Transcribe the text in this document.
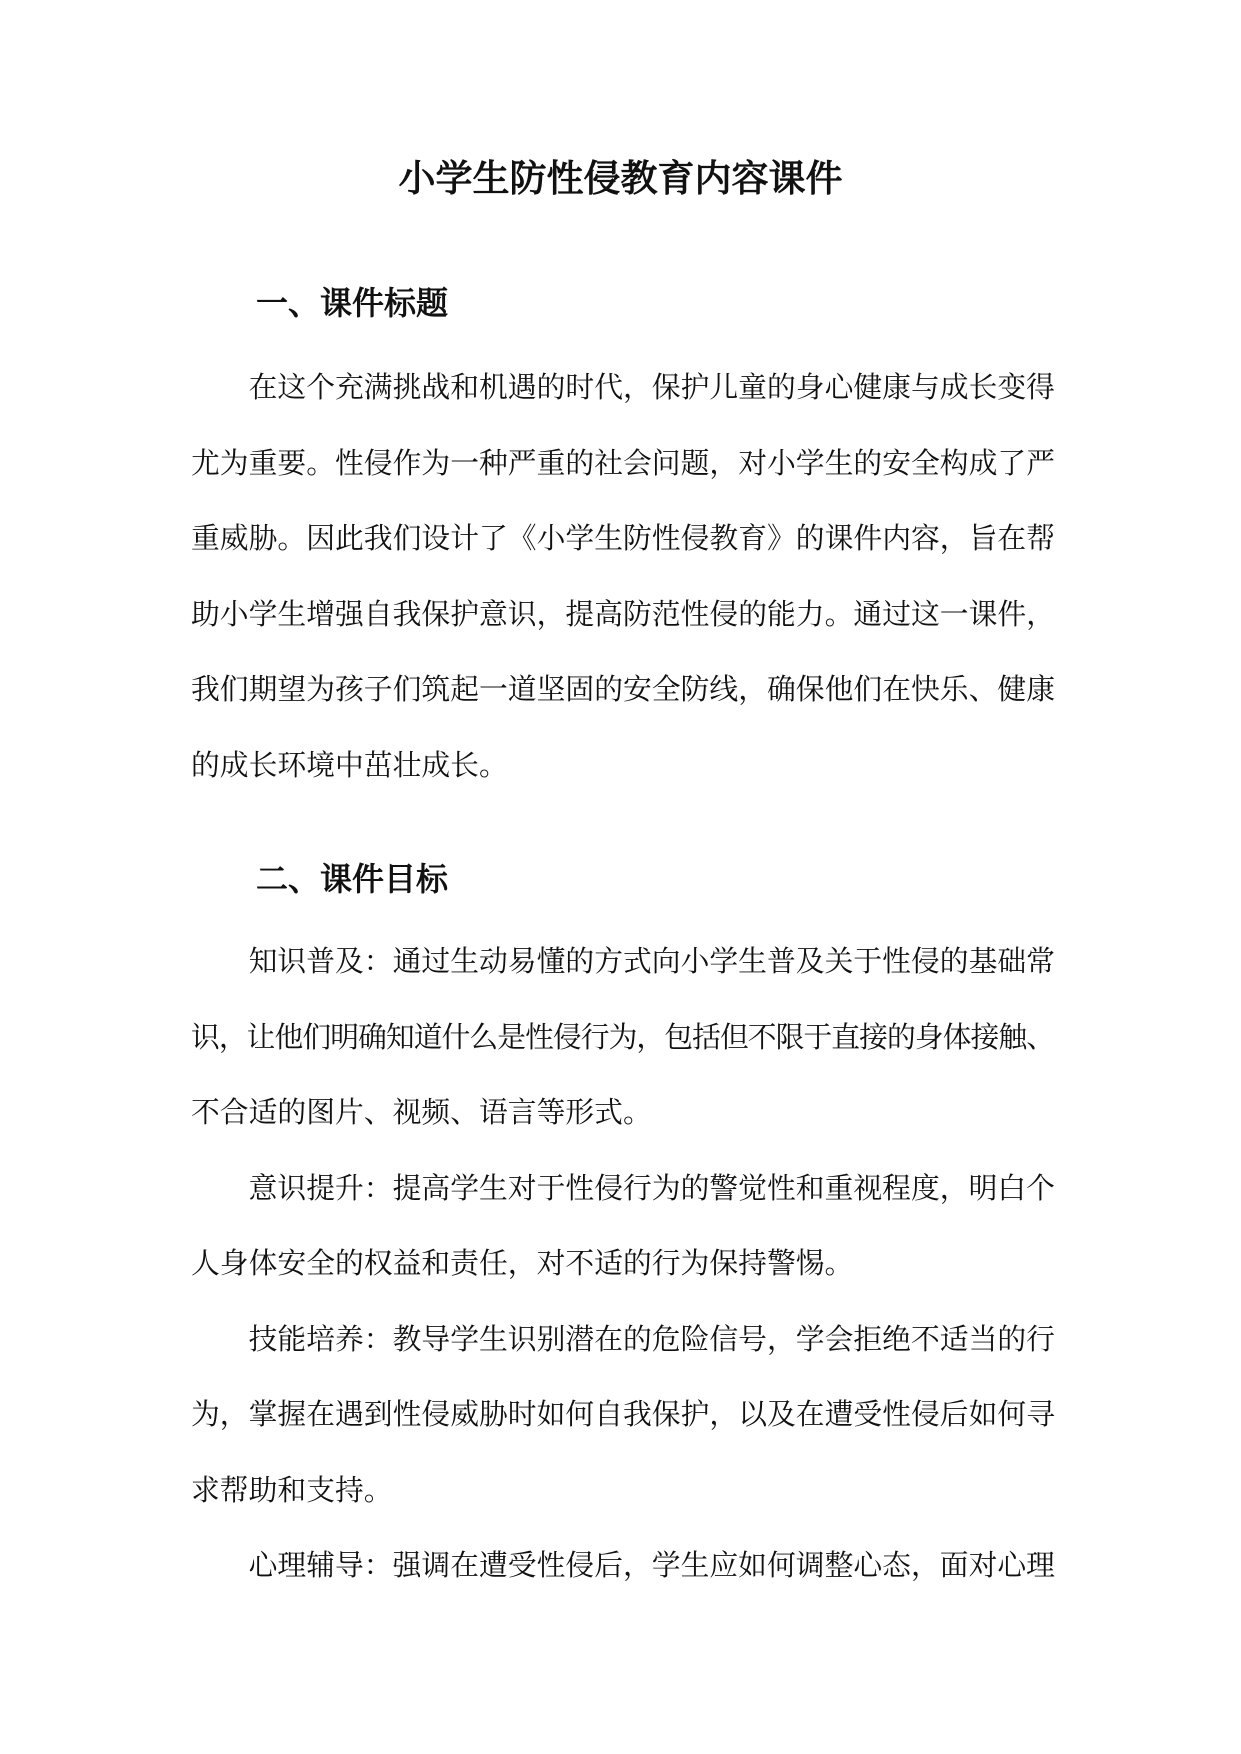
小学生防性侵教育内容课件
一、课件标题
在这个充满挑战和机遇的时代，保护儿童的身心健康与成长变得
尤为重要。性侵作为一种严重的社会问题，对小学生的安全构成了严
重威胁。因此我们设计了《小学生防性侵教育》的课件内容，旨在帮
助小学生增强自我保护意识，提高防范性侵的能力。通过这一课件，
我们期望为孩子们筑起一道坚固的安全防线，确保他们在快乐、健康
的成长环境中茁壮成长。
二、课件目标
知识普及：通过生动易懂的方式向小学生普及关于性侵的基础常
识，让他们明确知道什么是性侵行为，包括但不限于直接的身体接触、
不合适的图片、视频、语言等形式。
意识提升：提高学生对于性侵行为的警觉性和重视程度，明白个
人身体安全的权益和责任，对不适的行为保持警惕。
技能培养：教导学生识别潜在的危险信号，学会拒绝不适当的行
为，掌握在遇到性侵威胁时如何自我保护，以及在遭受性侵后如何寻
求帮助和支持。
心理辅导：强调在遭受性侵后，学生应如何调整心态，面对心理
